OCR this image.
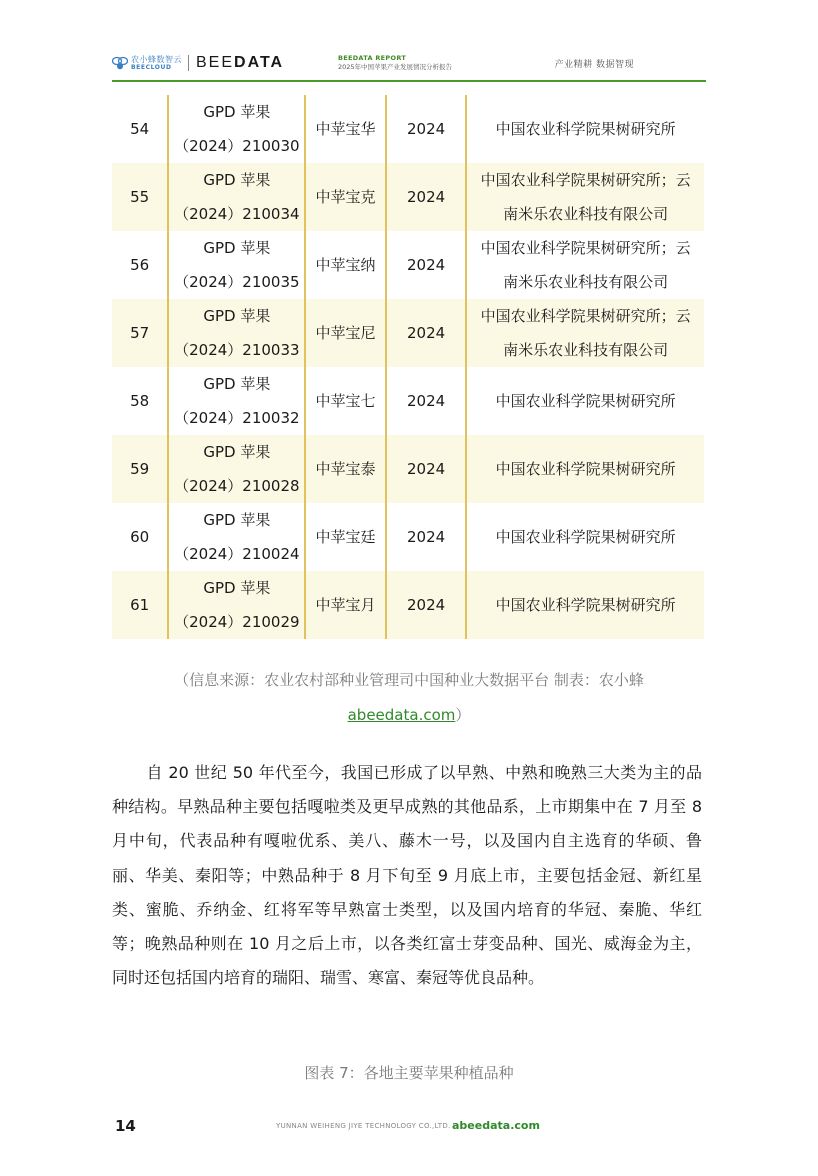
农小蜂数智云
BEECLOUD	BEEDATA	BEEDATA REPORT
2025年中国苹果产业发展情况分析报告	产业精耕 数据智现
54	GPD 苹果
（2024）210030	中苹宝华	2024	中国农业科学院果树研究所

55	GPD 苹果
（2024）210034	中苹宝克	2024	中国农业科学院果树研究所；云
南米乐农业科技有限公司

56	GPD 苹果
（2024）210035	中苹宝纳	2024	中国农业科学院果树研究所；云
南米乐农业科技有限公司

57	GPD 苹果
（2024）210033	中苹宝尼	2024	中国农业科学院果树研究所；云
南米乐农业科技有限公司

58	GPD 苹果
（2024）210032	中苹宝七	2024	中国农业科学院果树研究所

59	GPD 苹果
（2024）210028	中苹宝泰	2024	中国农业科学院果树研究所

60	GPD 苹果
（2024）210024	中苹宝廷	2024	中国农业科学院果树研究所

61	GPD 苹果
（2024）210029	中苹宝月	2024	中国农业科学院果树研究所
（信息来源：农业农村部种业管理司中国种业大数据平台 制表：农小蜂
abeedata.com）

自 20 世纪 50 年代至今，我国已形成了以早熟、中熟和晚熟三大类为主的品种结构。早熟品种主要包括嘎啦类及更早成熟的其他品系，上市期集中在 7 月至 8 月中旬，代表品种有嘎啦优系、美八、藤木一号，以及国内自主选育的华硕、鲁丽、华美、秦阳等；中熟品种于 8 月下旬至 9 月底上市，主要包括金冠、新红星类、蜜脆、乔纳金、红将军等早熟富士类型，以及国内培育的华冠、秦脆、华红等；晚熟品种则在 10 月之后上市，以各类红富士芽变品种、国光、威海金为主，同时还包括国内培育的瑞阳、瑞雪、寒富、秦冠等优良品种。

图表 7：各地主要苹果种植品种
14	YUNNAN WEIHENG JIYE TECHNOLOGY CO.,LTD. abeedata.com
